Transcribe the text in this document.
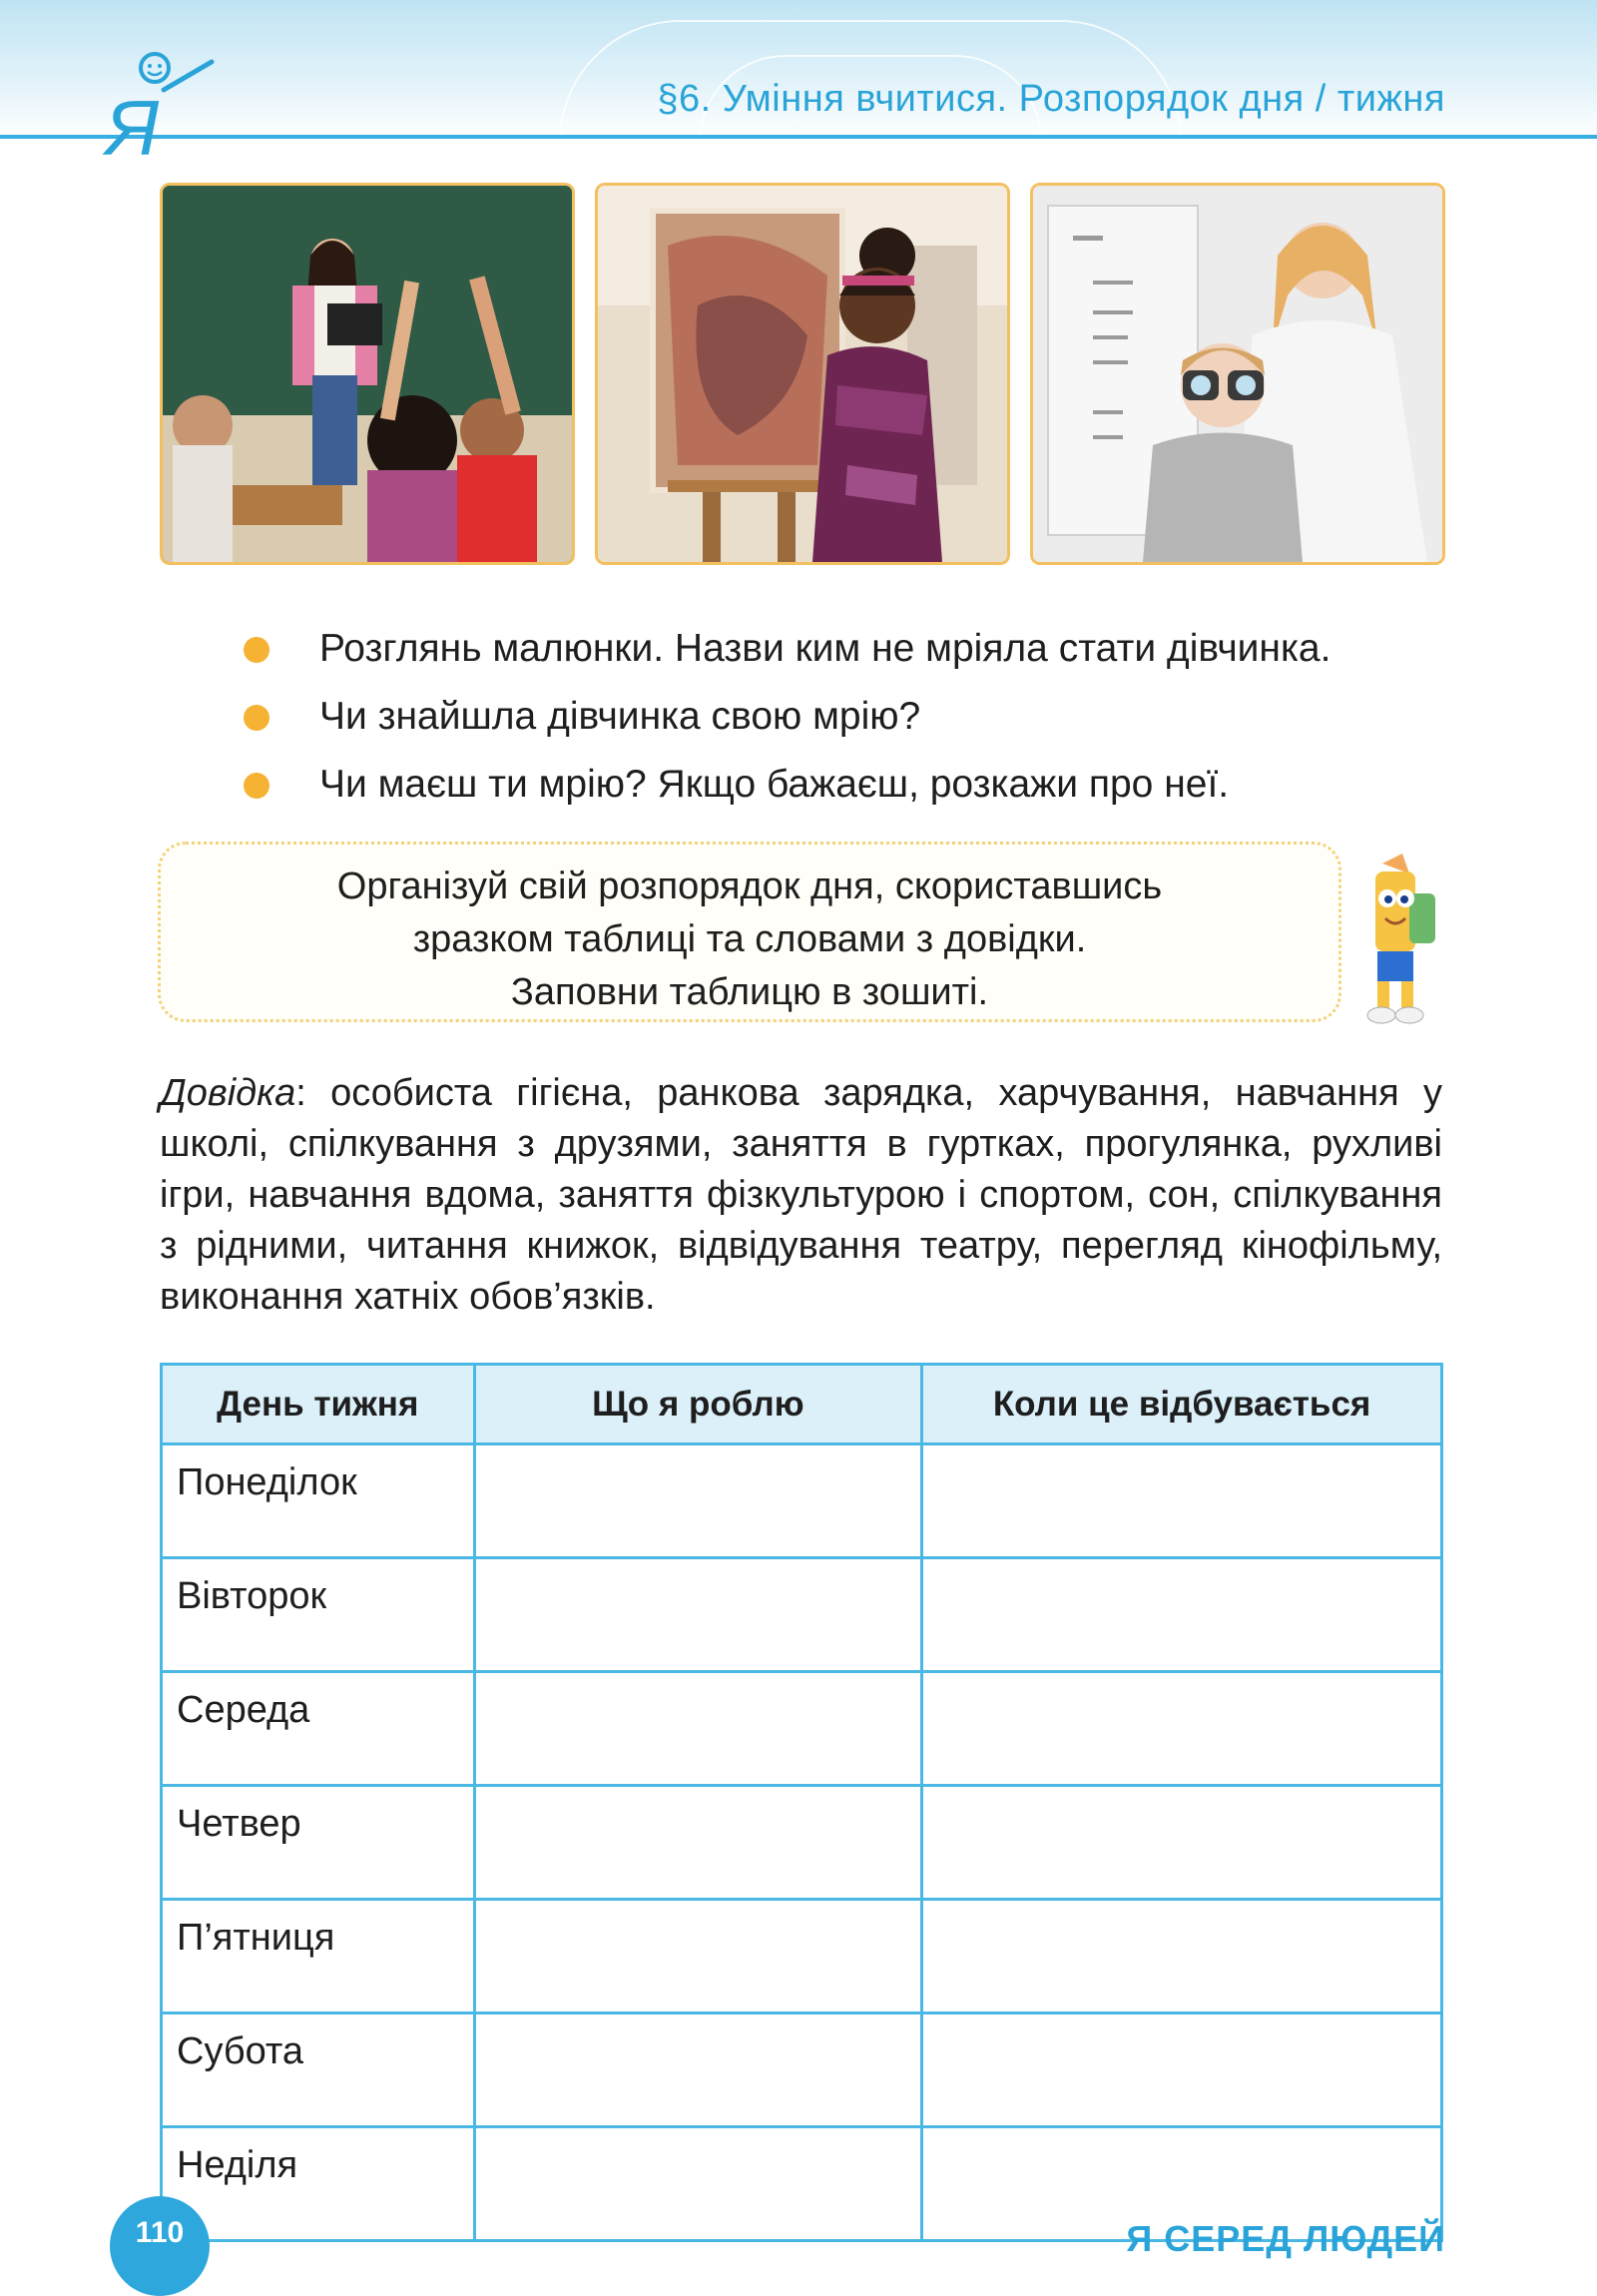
Я	§6. Уміння вчитися. Розпорядок дня / тижня
Розглянь малюнки. Назви ким не мріяла стати дівчинка.
Чи знайшла дівчинка свою мрію?
Чи маєш ти мрію? Якщо бажаєш, розкажи про неї.
Організуй свій розпорядок дня, скориставшись
зразком таблиці та словами з довідки.
Заповни таблицю в зошиті.
Довідка: особиста гігієна, ранкова зарядка, харчування, навчання у школі, спілкування з друзями, заняття в гуртках, прогулянка, рухливі ігри, навчання вдома, заняття фізкультурою і спортом, сон, спілкування з рідними, читання книжок, відвідування театру, перегляд кінофільму, виконання хатніх обов’язків.
День тижня	Що я роблю	Коли це відбувається
Понеділок		
Вівторок		
Середа		
Четвер		
П’ятниця		
Субота		
Неділя		
110	Я СЕРЕД ЛЮДЕЙ
